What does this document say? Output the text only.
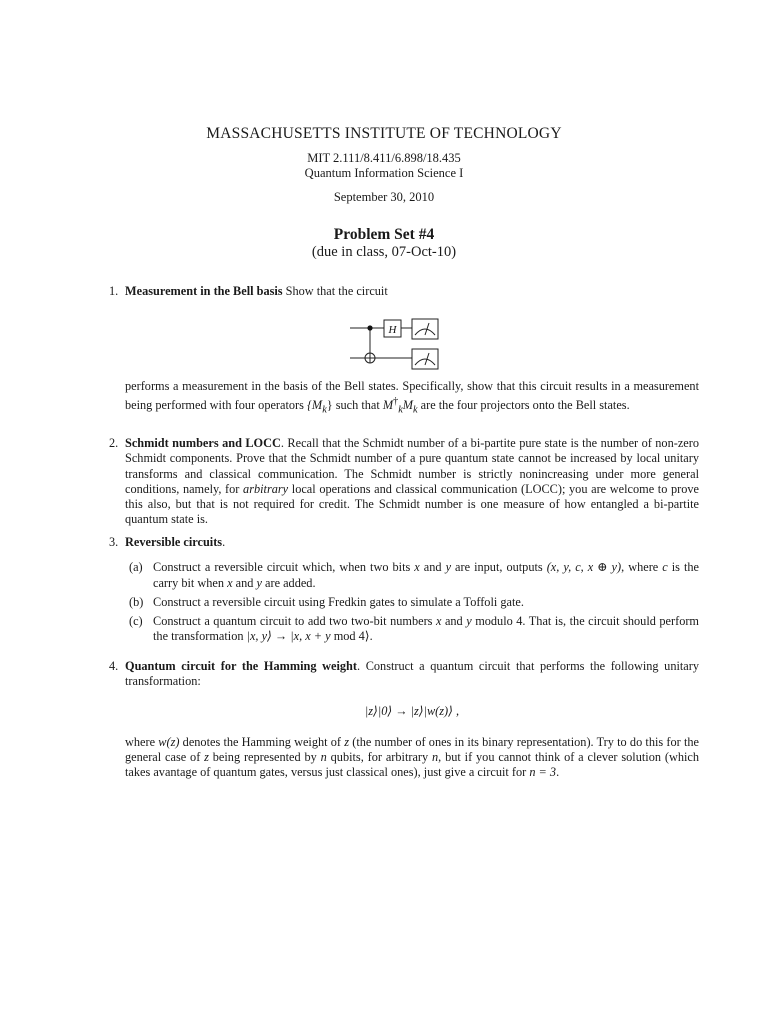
MASSACHUSETTS INSTITUTE OF TECHNOLOGY
MIT 2.111/8.411/6.898/18.435
Quantum Information Science I
September 30, 2010
Problem Set #4
(due in class, 07-Oct-10)
1. Measurement in the Bell basis Show that the circuit
H
performs a measurement in the basis of the Bell states. Specifically, show that this circuit results in a measurement being performed with four operators $\{M_k\}$ such that $M^\dagger_kM_k$ are the four projectors onto the Bell states.
2. Schmidt numbers and LOCC. Recall that the Schmidt number of a bi-partite pure state is the number of non-zero Schmidt components. Prove that the Schmidt number of a pure quantum state cannot be increased by local unitary transforms and classical communication. The Schmidt number is strictly nonincreasing under more general conditions, namely, for arbitrary local operations and classical communication (LOCC); you are welcome to prove this also, but that is not required for credit. The Schmidt number is one measure of how entangled a bi-partite quantum state is.
3. Reversible circuits.
(a) Construct a reversible circuit which, when two bits x and y are input, outputs (x, y, c, x ⊕ y), where c is the carry bit when x and y are added.
(b) Construct a reversible circuit using Fredkin gates to simulate a Toffoli gate.
(c) Construct a quantum circuit to add two two-bit numbers x and y modulo 4. That is, the circuit should perform the transformation |x, y⟩ → |x, x + y mod 4⟩.
4. Quantum circuit for the Hamming weight. Construct a quantum circuit that performs the following unitary transformation:
|z⟩|0⟩ → |z⟩|w(z)⟩ ,
where w(z) denotes the Hamming weight of z (the number of ones in its binary representation). Try to do this for the general case of z being represented by n qubits, for arbitrary n, but if you cannot think of a clever solution (which takes avantage of quantum gates, versus just classical ones), just give a circuit for n = 3.
